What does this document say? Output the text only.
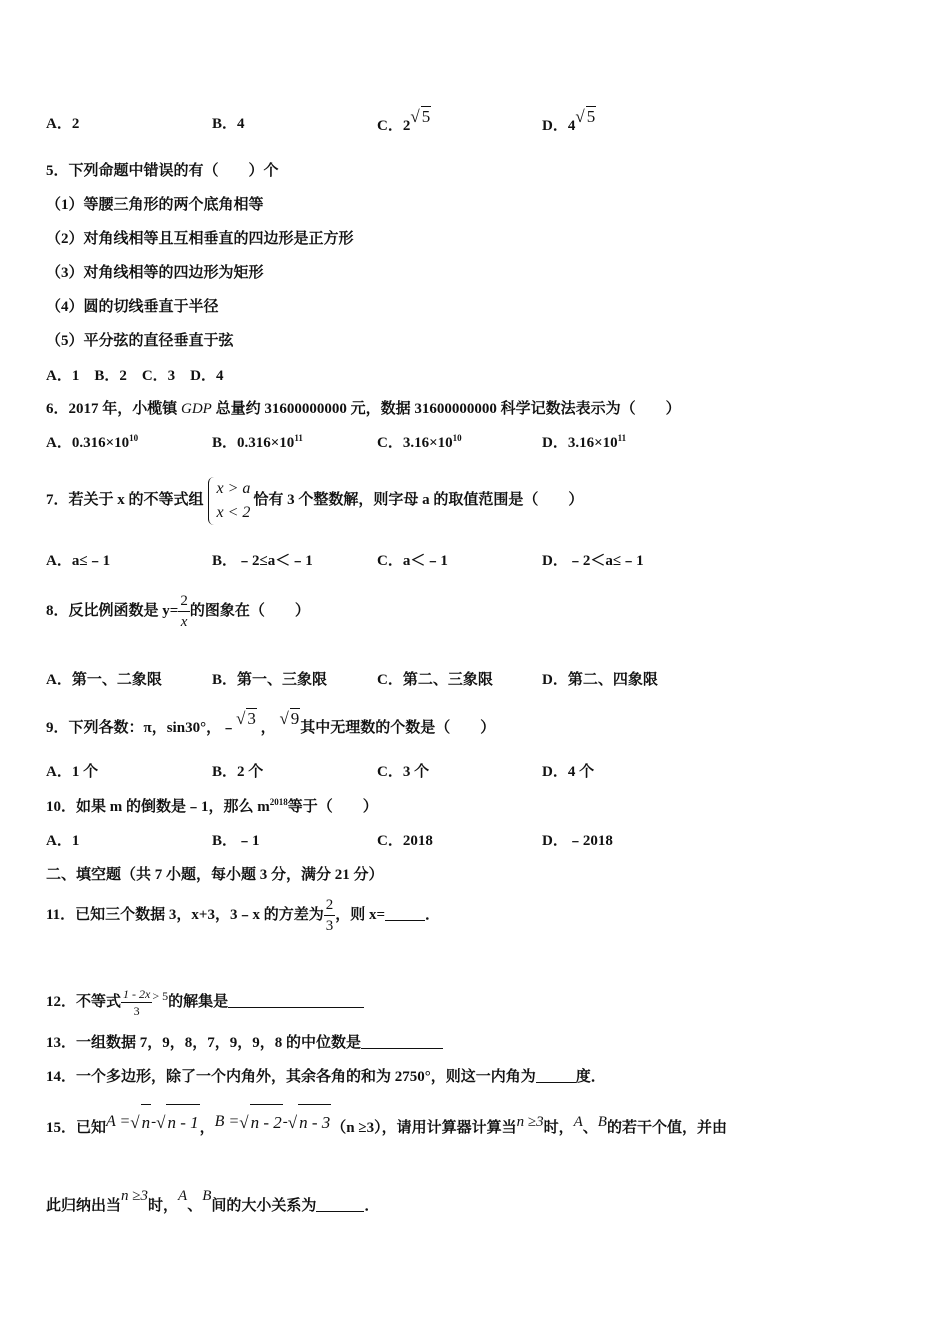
A．2	B．4	C．2√ 5	D．4√ 5
5．下列命题中错误的有（　　）个
（1）等腰三角形的两个底角相等
（2）对角线相等且互相垂直的四边形是正方形
（3）对角线相等的四边形为矩形
（4）圆的切线垂直于半径
（5）平分弦的直径垂直于弦
A．1　B．2　C．3　D．4
6．2017 年，小榄镇 GDP 总量约 31600000000 元，数据 31600000000 科学记数法表示为（　　）
A．$0.316\times 10^{10}$	B．$0.316\times 10^{11}$	C．$3.16\times 10^{10}$	D．$3.16\times 10^{11}$
7．若关于 x 的不等式组
x > a
x < 2
恰有 3 个整数解，则字母 a 的取值范围是（　　）
A．a≤﹣1	B．﹣2≤a＜﹣1	C．a＜﹣1	D．﹣2＜a≤﹣1
8．反比例函数是 $y= \frac{2}{x}$ 的图象在（　　）
A．第一、二象限	B．第一、三象限	C．第二、三象限	D．第二、四象限
9．下列各数：π，sin30°，﹣√ 3 ， √ 9其中无理数的个数是（　　）
A．1 个	B．2 个	C．3 个	D．4 个
10．如果 m 的倒数是﹣1，那么 $m^{2018}$等于（　　）
A．1	B．﹣1	C．2018	D．﹣2018
二、填空题（共 7 小题，每小题 3 分，满分 21 分）
11．已知三个数据 3，x+3，3﹣x 的方差为 $\frac{2}{3}$ ，则 x=	．
12．不等式 $\frac{1 - 2x}{3} ^{> 5}$的解集是
13．一组数据 7，9，8，7，9，9，8 的中位数是
14．一个多边形，除了一个内角外，其余各角的和为 2750°，则这一内角为	度．
15．已知A =√ n-√ n - 1，B =√ n - 2-√ n - 3（n ≥3），请用计算器计算当n ≥3时，A、B的若干个值，并由
此归纳出当n ≥3时，A、B间的大小关系为	．
